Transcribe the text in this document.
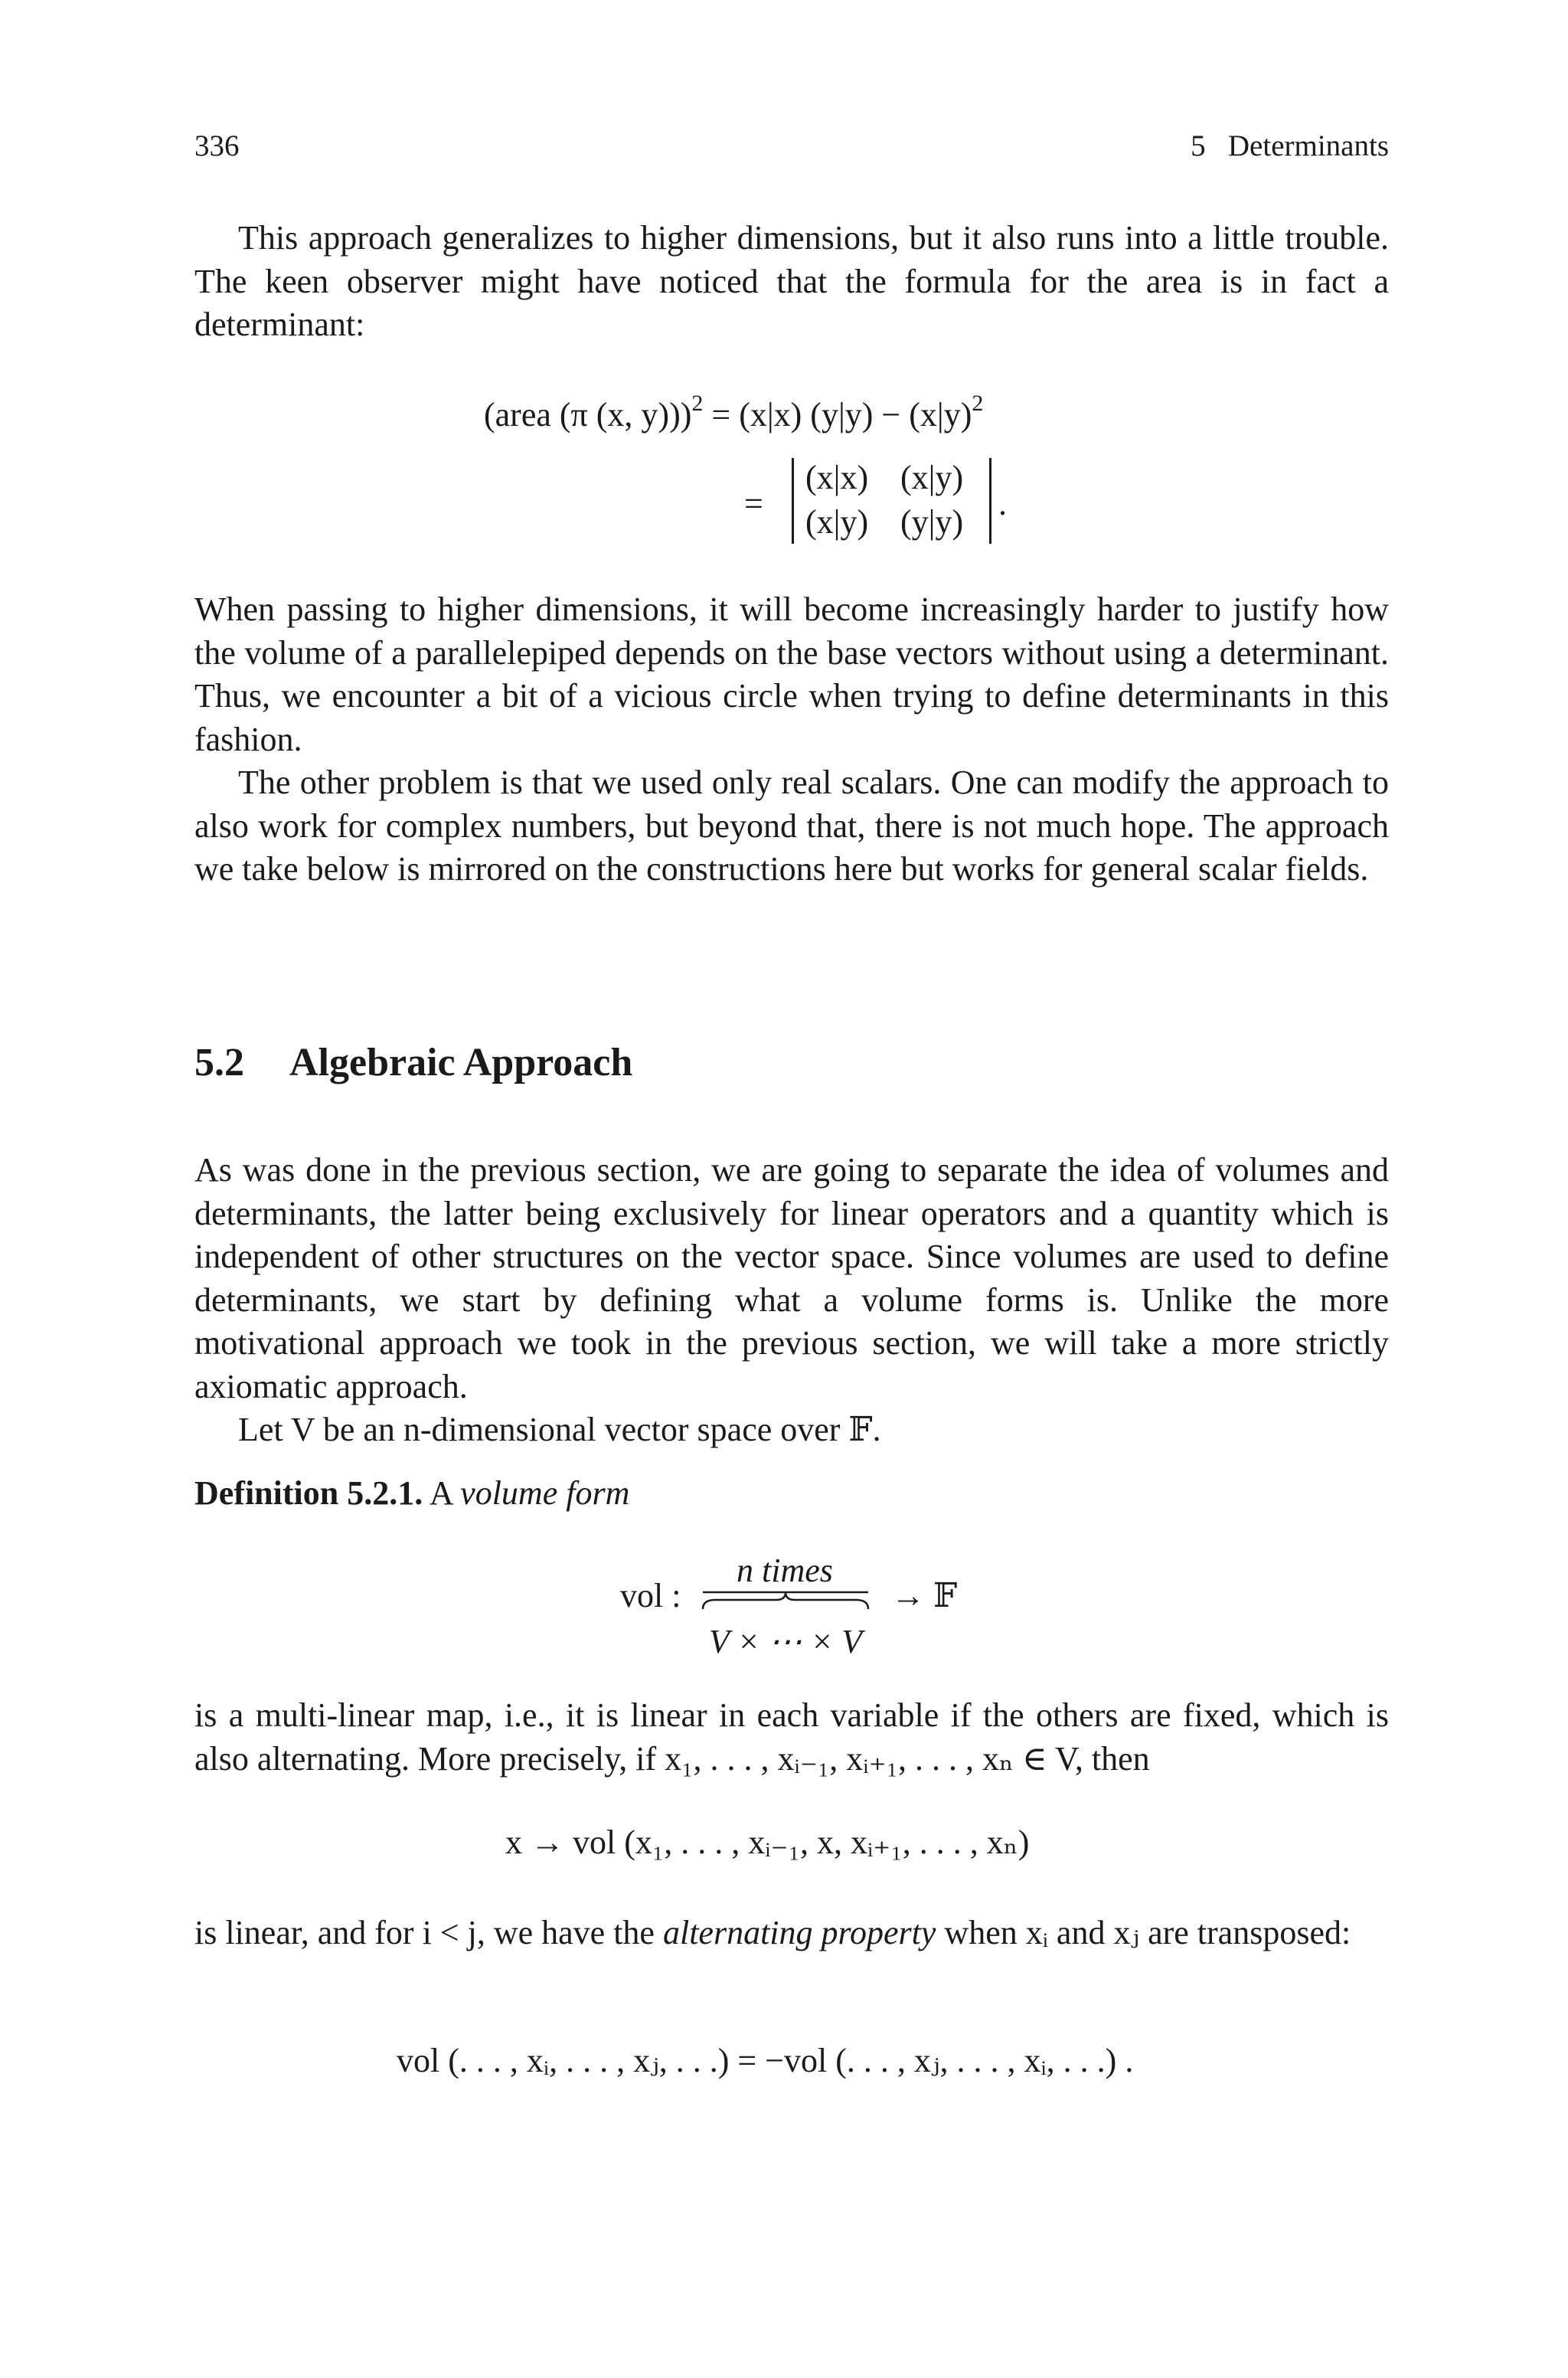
336	5   Determinants

This approach generalizes to higher dimensions, but it also runs into a little trouble. The keen observer might have noticed that the formula for the area is in fact a determinant:

(area (π (x, y)))$^2$ = (x|x) $(y|y) - (x|y)^2$
=
(x|x) (x|y)
(x|y) (y|y) .

When passing to higher dimensions, it will become increasingly harder to justify how the volume of a parallelepiped depends on the base vectors without using a determinant. Thus, we encounter a bit of a vicious circle when trying to define determinants in this fashion.

The other problem is that we used only real scalars. One can modify the approach to also work for complex numbers, but beyond that, there is not much hope. The approach we take below is mirrored on the constructions here but works for general scalar fields.

5.2 Algebraic Approach

As was done in the previous section, we are going to separate the idea of volumes and determinants, the latter being exclusively for linear operators and a quantity which is independent of other structures on the vector space. Since volumes are used to define determinants, we start by defining what a volume forms is. Unlike the more motivational approach we took in the previous section, we will take a more strictly axiomatic approach.

Let V be an n-dimensional vector space over 𝔽.

Definition 5.2.1. A volume form

vol :
n times
V × ⋯ × V
→ 𝔽

is a multi-linear map, i.e., it is linear in each variable if the others are fixed, which is also alternating. More precisely, if x₁, . . . , xᵢ₋₁, xᵢ₊₁, . . . , xₙ ∈ V, then

x → vol (x₁, . . . , xᵢ₋₁, x, xᵢ₊₁, . . . , xₙ)

is linear, and for i < j, we have the alternating property when xᵢ and xⱼ are transposed:

vol (. . . , xᵢ, . . . , xⱼ, . . .) = −vol (. . . , xⱼ, . . . , xᵢ, . . .) .
